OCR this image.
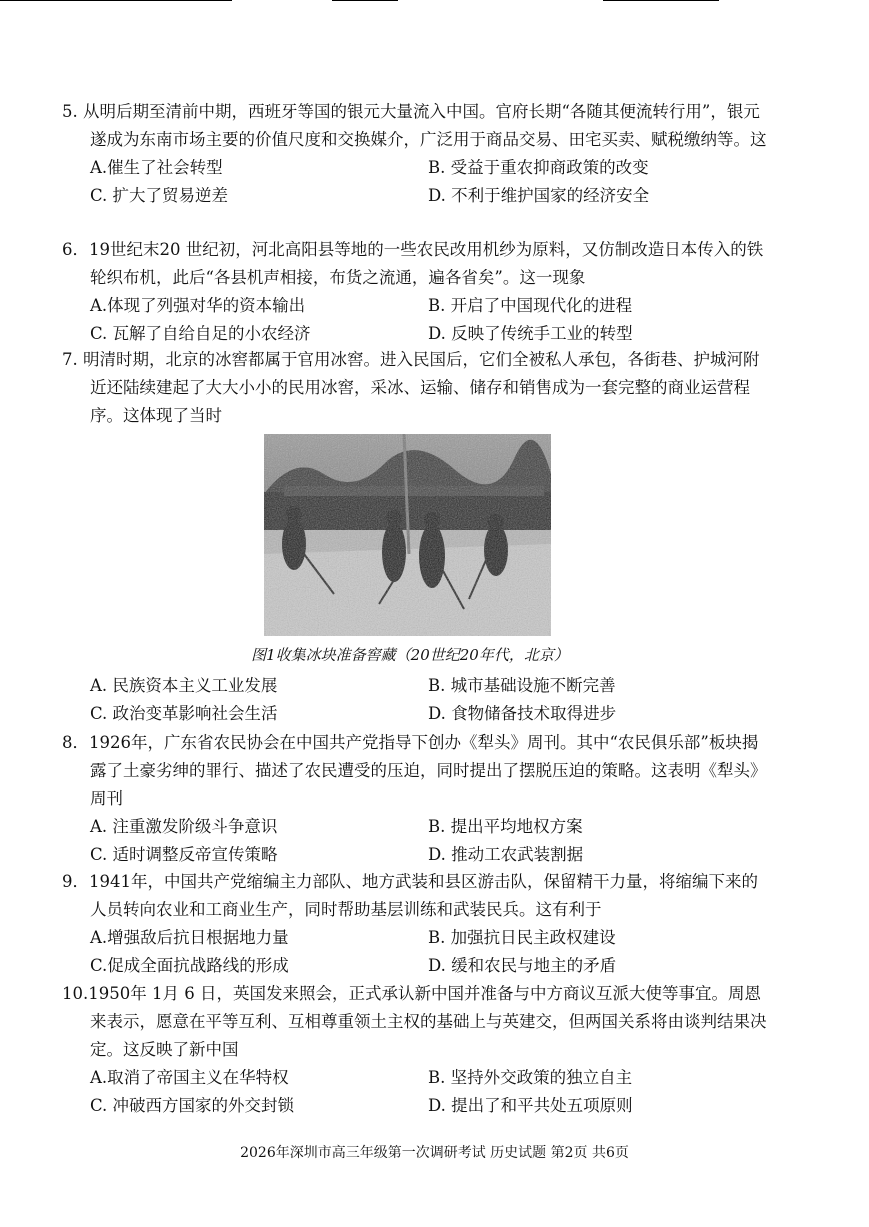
5. 从明后期至清前中期，西班牙等国的银元大量流入中国。官府长期“各随其便流转行用”，银元遂成为东南市场主要的价值尺度和交换媒介，广泛用于商品交易、田宅买卖、赋税缴纳等。这
A.催生了社会转型	B. 受益于重农抑商政策的改变
C. 扩大了贸易逆差	D. 不利于维护国家的经济安全
6．19世纪末20 世纪初，河北高阳县等地的一些农民改用机纱为原料，又仿制改造日本传入的铁轮织布机，此后“各县机声相接，布货之流通，遍各省矣”。这一现象
A.体现了列强对华的资本输出	B. 开启了中国现代化的进程
C. 瓦解了自给自足的小农经济	D. 反映了传统手工业的转型
7. 明清时期，北京的冰窖都属于官用冰窖。进入民国后，它们全被私人承包，各街巷、护城河附近还陆续建起了大大小小的民用冰窖，采冰、运输、储存和销售成为一套完整的商业运营程序。这体现了当时
图1收集冰块准备窖藏（20世纪20年代，北京）
A. 民族资本主义工业发展	B. 城市基础设施不断完善
C. 政治变革影响社会生活	D. 食物储备技术取得进步
8．1926年，广东省农民协会在中国共产党指导下创办《犁头》周刊。其中“农民俱乐部”板块揭露了土豪劣绅的罪行、描述了农民遭受的压迫，同时提出了摆脱压迫的策略。这表明《犁头》周刊
A. 注重激发阶级斗争意识	B. 提出平均地权方案
C. 适时调整反帝宣传策略	D. 推动工农武装割据
9．1941年，中国共产党缩编主力部队、地方武装和县区游击队，保留精干力量，将缩编下来的人员转向农业和工商业生产，同时帮助基层训练和武装民兵。这有利于
A.增强敌后抗日根据地力量	B. 加强抗日民主政权建设
C.促成全面抗战路线的形成	D. 缓和农民与地主的矛盾
10.1950年 1月 6 日，英国发来照会，正式承认新中国并准备与中方商议互派大使等事宜。周恩来表示，愿意在平等互利、互相尊重领土主权的基础上与英建交，但两国关系将由谈判结果决定。这反映了新中国
A.取消了帝国主义在华特权	B. 坚持外交政策的独立自主
C. 冲破西方国家的外交封锁	D. 提出了和平共处五项原则
2026年深圳市高三年级第一次调研考试 历史试题 第2页 共6页
